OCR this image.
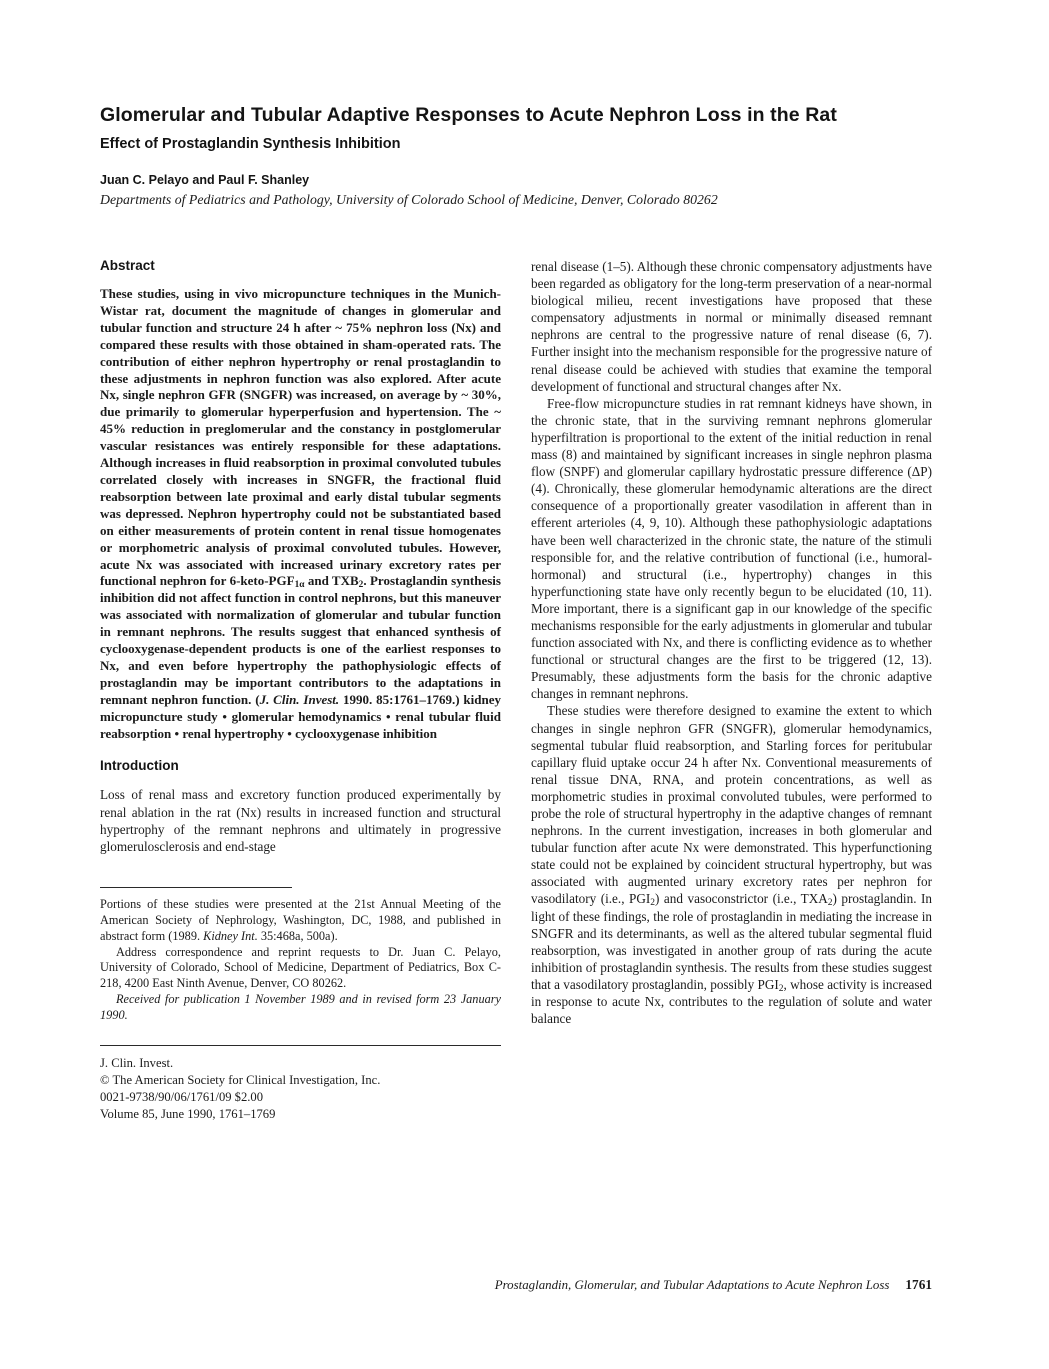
Glomerular and Tubular Adaptive Responses to Acute Nephron Loss in the Rat
Effect of Prostaglandin Synthesis Inhibition

Juan C. Pelayo and Paul F. Shanley

Departments of Pediatrics and Pathology, University of Colorado School of Medicine, Denver, Colorado 80262

Abstract

These studies, using in vivo micropuncture techniques in the Munich-Wistar rat, document the magnitude of changes in glomerular and tubular function and structure 24 h after ~ 75% nephron loss (Nx) and compared these results with those obtained in sham-operated rats. The contribution of either nephron hypertrophy or renal prostaglandin to these adjustments in nephron function was also explored. After acute Nx, single nephron GFR (SNGFR) was increased, on average by ~ 30%, due primarily to glomerular hyperperfusion and hypertension. The ~ 45% reduction in preglomerular and the constancy in postglomerular vascular resistances was entirely responsible for these adaptations. Although increases in fluid reabsorption in proximal convoluted tubules correlated closely with increases in SNGFR, the fractional fluid reabsorption between late proximal and early distal tubular segments was depressed. Nephron hypertrophy could not be substantiated based on either measurements of protein content in renal tissue homogenates or morphometric analysis of proximal convoluted tubules. However, acute Nx was associated with increased urinary excretory rates per functional nephron for $6-keto-PGF_{1\alpha}$ and $TXB_2$. Prostaglandin synthesis inhibition did not affect function in control nephrons, but this maneuver was associated with normalization of glomerular and tubular function in remnant nephrons. The results suggest that enhanced synthesis of cyclooxygenase-dependent products is one of the earliest responses to Nx, and even before hypertrophy the pathophysiologic effects of prostaglandin may be important contributors to the adaptations in remnant nephron function. (J. Clin. Invest. 1990. 85:1761–1769.) kidney micropuncture study • glomerular hemodynamics • renal tubular fluid reabsorption • renal hypertrophy • cyclooxygenase inhibition

Introduction

Loss of renal mass and excretory function produced experimentally by renal ablation in the rat (Nx) results in increased function and structural hypertrophy of the remnant nephrons and ultimately in progressive glomerulosclerosis and end-stage

Portions of these studies were presented at the 21st Annual Meeting of the American Society of Nephrology, Washington, DC, 1988, and published in abstract form (1989. Kidney Int. 35:468a, 500a).

Address correspondence and reprint requests to Dr. Juan C. Pelayo, University of Colorado, School of Medicine, Department of Pediatrics, Box C-218, 4200 East Ninth Avenue, Denver, CO 80262.

Received for publication 1 November 1989 and in revised form 23 January 1990.

J. Clin. Invest.

© The American Society for Clinical Investigation, Inc.

0021-9738/90/06/1761/09 $2.00

Volume 85, June 1990, 1761–1769

renal disease (1–5). Although these chronic compensatory adjustments have been regarded as obligatory for the long-term preservation of a near-normal biological milieu, recent investigations have proposed that these compensatory adjustments in normal or minimally diseased remnant nephrons are central to the progressive nature of renal disease (6, 7). Further insight into the mechanism responsible for the progressive nature of renal disease could be achieved with studies that examine the temporal development of functional and structural changes after Nx.

Free-flow micropuncture studies in rat remnant kidneys have shown, in the chronic state, that in the surviving remnant nephrons glomerular hyperfiltration is proportional to the extent of the initial reduction in renal mass (8) and maintained by significant increases in single nephron plasma flow (SNPF) and glomerular capillary hydrostatic pressure difference (ΔP) (4). Chronically, these glomerular hemodynamic alterations are the direct consequence of a proportionally greater vasodilation in afferent than in efferent arterioles (4, 9, 10). Although these pathophysiologic adaptations have been well characterized in the chronic state, the nature of the stimuli responsible for, and the relative contribution of functional (i.e., humoral-hormonal) and structural (i.e., hypertrophy) changes in this hyperfunctioning state have only recently begun to be elucidated (10, 11). More important, there is a significant gap in our knowledge of the specific mechanisms responsible for the early adjustments in glomerular and tubular function associated with Nx, and there is conflicting evidence as to whether functional or structural changes are the first to be triggered (12, 13). Presumably, these adjustments form the basis for the chronic adaptive changes in remnant nephrons.

These studies were therefore designed to examine the extent to which changes in single nephron GFR (SNGFR), glomerular hemodynamics, segmental tubular fluid reabsorption, and Starling forces for peritubular capillary fluid uptake occur 24 h after Nx. Conventional measurements of renal tissue DNA, RNA, and protein concentrations, as well as morphometric studies in proximal convoluted tubules, were performed to probe the role of structural hypertrophy in the adaptive changes of remnant nephrons. In the current investigation, increases in both glomerular and tubular function after acute Nx were demonstrated. This hyperfunctioning state could not be explained by coincident structural hypertrophy, but was associated with augmented urinary excretory rates per nephron for vasodilatory (i.e., $PGI_2$) and vasoconstrictor (i.e., $TXA_2$) prostaglandin. In light of these findings, the role of prostaglandin in mediating the increase in SNGFR and its determinants, as well as the altered tubular segmental fluid reabsorption, was investigated in another group of rats during the acute inhibition of prostaglandin synthesis. The results from these studies suggest that a vasodilatory prostaglandin, possibly $PGI_2$, whose activity is increased in response to acute Nx, contributes to the regulation of solute and water balance

Prostaglandin, Glomerular, and Tubular Adaptations to Acute Nephron Loss 1761
